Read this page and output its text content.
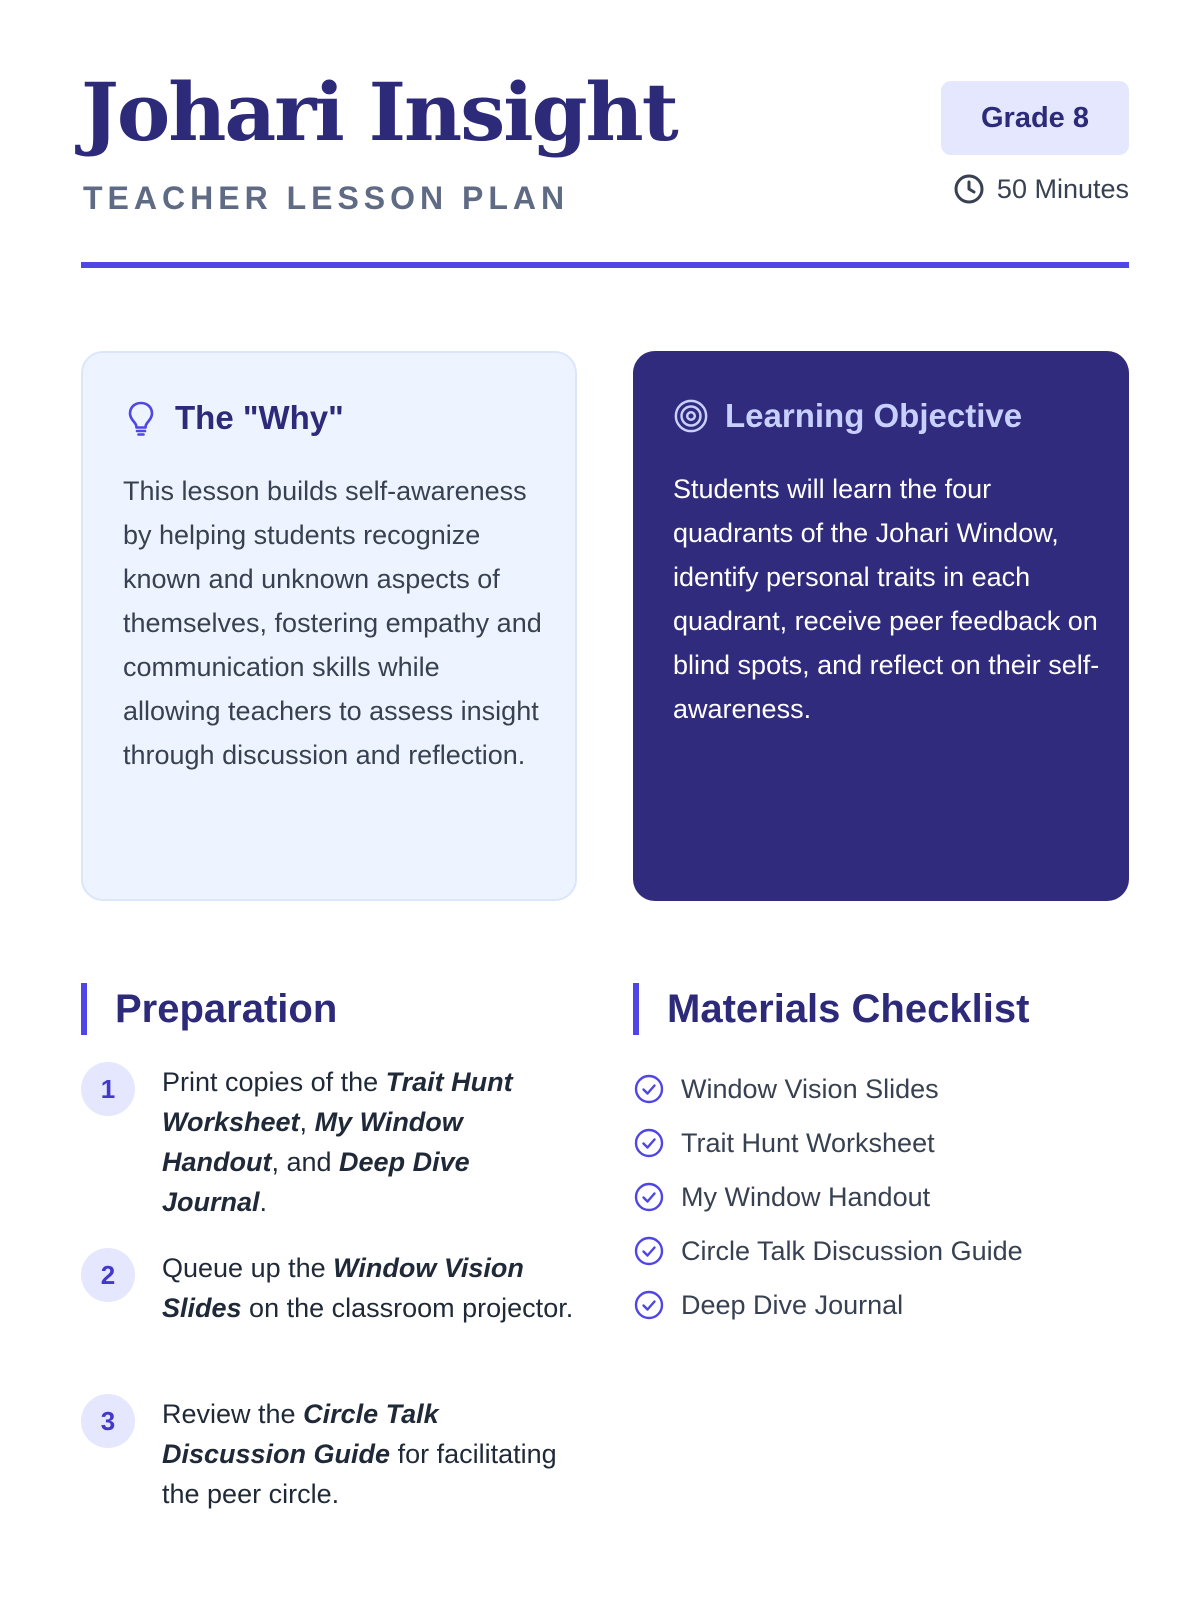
Johari Insight

TEACHER LESSON PLAN

Grade 8
50 Minutes
The "Why"
This lesson builds self-awareness by helping students recognize known and unknown aspects of themselves, fostering empathy and communication skills while allowing teachers to assess insight through discussion and reflection.
Learning Objective
Students will learn the four quadrants of the Johari Window, identify personal traits in each quadrant, receive peer feedback on blind spots, and reflect on their self-awareness.
Preparation
1	Print copies of the Trait Hunt Worksheet, My Window Handout, and Deep Dive Journal.
2	Queue up the Window Vision Slides on the classroom projector.
3	Review the Circle Talk Discussion Guide for facilitating the peer circle.
Materials Checklist
Window Vision Slides
Trait Hunt Worksheet
My Window Handout
Circle Talk Discussion Guide
Deep Dive Journal
